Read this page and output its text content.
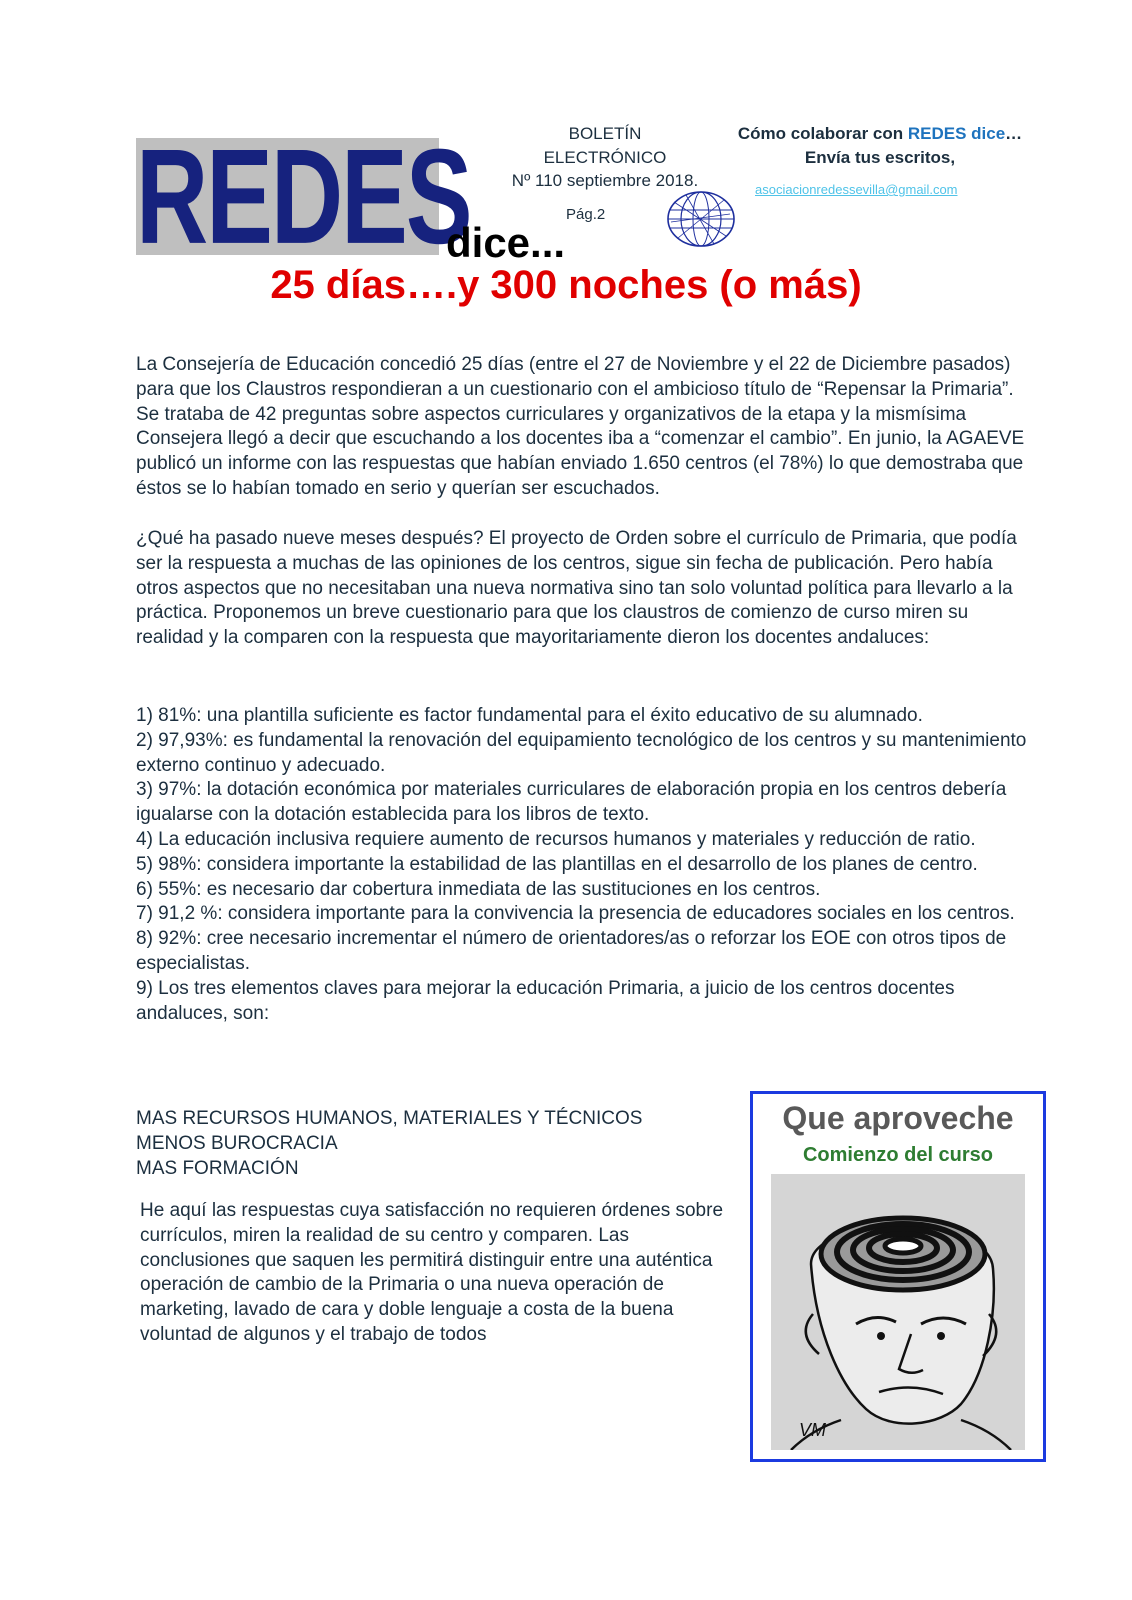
REDES
dice...
BOLETÍN
ELECTRÓNICO
Nº 110 septiembre 2018.
Pág.2
Cómo colaborar con REDES dice…
Envía tus escritos,
asociacionredessevilla@gmail.com
25 días….y 300 noches (o más)

La Consejería de Educación concedió 25 días (entre el 27 de Noviembre y el 22 de Diciembre pasados) para que los Claustros respondieran a un cuestionario con el ambicioso título de “Repensar la Primaria”. Se trataba de 42 preguntas sobre aspectos curriculares y organizativos de la etapa y la mismísima Consejera llegó a decir que escuchando a los docentes iba a “comenzar el cambio”. En junio, la AGAEVE publicó un informe con las respuestas que habían enviado 1.650 centros (el 78%) lo que demostraba que éstos se lo habían tomado en serio y querían ser escuchados.

¿Qué ha pasado nueve meses después? El proyecto de Orden sobre el currículo de Primaria, que podía ser la respuesta a muchas de las opiniones de los centros, sigue sin fecha de publicación. Pero había otros aspectos que no necesitaban una nueva normativa sino tan solo voluntad política para llevarlo a la práctica. Proponemos un breve cuestionario para que los claustros de comienzo de curso miren su realidad y la comparen con la respuesta que mayoritariamente dieron los docentes andaluces:

1) 81%: una plantilla suficiente es factor fundamental para el éxito educativo de su alumnado.

2) 97,93%: es fundamental la renovación del equipamiento tecnológico de los centros y su mantenimiento externo continuo y adecuado.

3) 97%: la dotación económica por materiales curriculares de elaboración propia en los centros debería igualarse con la dotación establecida para los libros de texto.

4) La educación inclusiva requiere aumento de recursos humanos y materiales y reducción de ratio.

5) 98%: considera importante la estabilidad de las plantillas en el desarrollo de los planes de centro.

6) 55%: es necesario dar cobertura inmediata de las sustituciones en los centros.

7) 91,2 %: considera importante para la convivencia la presencia de educadores sociales en los centros.

8) 92%: cree necesario incrementar el número de orientadores/as o reforzar los EOE con otros tipos de especialistas.

9) Los tres elementos claves para mejorar la educación Primaria, a juicio de los centros docentes andaluces, son:

MAS RECURSOS HUMANOS, MATERIALES Y TÉCNICOS

MENOS BUROCRACIA

MAS FORMACIÓN

He aquí las respuestas cuya satisfacción no requieren órdenes sobre currículos, miren la realidad de su centro y comparen. Las conclusiones que saquen les permitirá distinguir entre una auténtica operación de cambio de la Primaria o una nueva operación de marketing, lavado de cara y doble lenguaje a costa de la buena voluntad de algunos y el trabajo de todos
Que aproveche
Comienzo del curso
VM
